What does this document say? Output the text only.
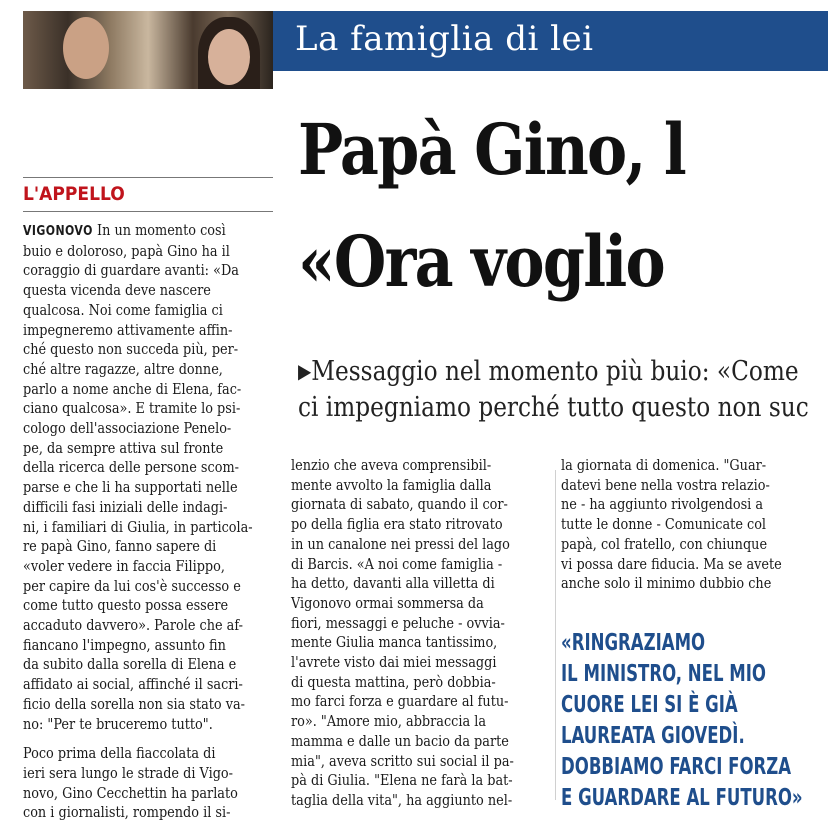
La famiglia di lei
Papà Gino, l
«Ora voglio
▶Messaggio nel momento più buio: «Come
ci impegniamo perché tutto questo non suc
L'APPELLO
VIGONOVO In un momento così
buio e doloroso, papà Gino ha il
coraggio di guardare avanti: «Da
questa vicenda deve nascere
qualcosa. Noi come famiglia ci
impegneremo attivamente affin-
ché questo non succeda più, per-
ché altre ragazze, altre donne,
parlo a nome anche di Elena, fac-
ciano qualcosa». E tramite lo psi-
cologo dell'associazione Penelo-
pe, da sempre attiva sul fronte
della ricerca delle persone scom-
parse e che li ha supportati nelle
difficili fasi iniziali delle indagi-
ni, i familiari di Giulia, in particola-
re papà Gino, fanno sapere di
«voler vedere in faccia Filippo,
per capire da lui cos'è successo e
come tutto questo possa essere
accaduto davvero». Parole che af-
fiancano l'impegno, assunto fin
da subito dalla sorella di Elena e
affidato ai social, affinché il sacri-
ficio della sorella non sia stato va-
no: "Per te bruceremo tutto".
Poco prima della fiaccolata di
ieri sera lungo le strade di Vigo-
novo, Gino Cecchettin ha parlato
con i giornalisti, rompendo il si-
lenzio che aveva comprensibil-
mente avvolto la famiglia dalla
giornata di sabato, quando il cor-
po della figlia era stato ritrovato
in un canalone nei pressi del lago
di Barcis. «A noi come famiglia -
ha detto, davanti alla villetta di
Vigonovo ormai sommersa da
fiori, messaggi e peluche - ovvia-
mente Giulia manca tantissimo,
l'avrete visto dai miei messaggi
di questa mattina, però dobbia-
mo farci forza e guardare al futu-
ro». "Amore mio, abbraccia la
mamma e dalle un bacio da parte
mia", aveva scritto sui social il pa-
pà di Giulia. "Elena ne farà la bat-
taglia della vita", ha aggiunto nel-
la giornata di domenica. "Guar-
datevi bene nella vostra relazio-
ne - ha aggiunto rivolgendosi a
tutte le donne - Comunicate col
papà, col fratello, con chiunque
vi possa dare fiducia. Ma se avete
anche solo il minimo dubbio che
«RINGRAZIAMO
IL MINISTRO, NEL MIO
CUORE LEI SI È GIÀ
LAUREATA GIOVEDÌ.
DOBBIAMO FARCI FORZA
E GUARDARE AL FUTURO»
